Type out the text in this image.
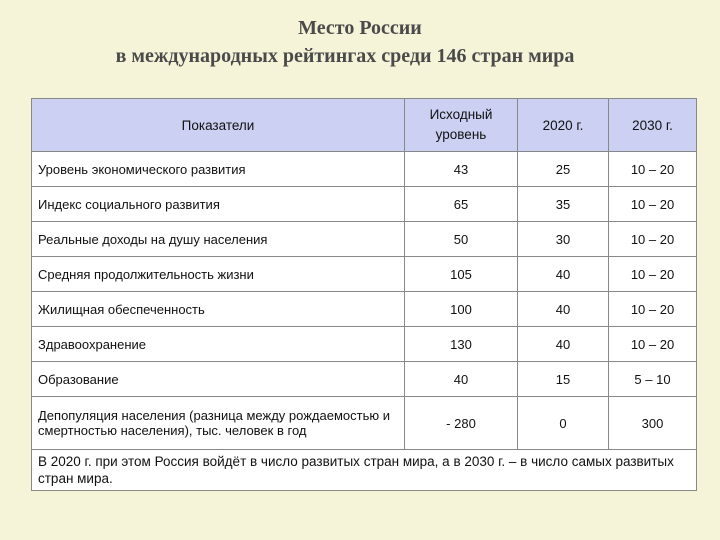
Место России
в международных рейтингах среди 146 стран мира
Показатели	Исходный уровень	2020 г.	2030 г.
Уровень экономического развития	43	25	10 – 20
Индекс социального развития	65	35	10 – 20
Реальные доходы на душу населения	50	30	10 – 20
Средняя продолжительность жизни	105	40	10 – 20
Жилищная обеспеченность	100	40	10 – 20
Здравоохранение	130	40	10 – 20
Образование	40	15	5 – 10
Депопуляция населения (разница между рождаемостью и смертностью населения), тыс. человек в год	- 280	0	300
В 2020 г. при этом Россия войдёт в число развитых стран мира, а в 2030 г. – в число самых развитых стран мира.			
